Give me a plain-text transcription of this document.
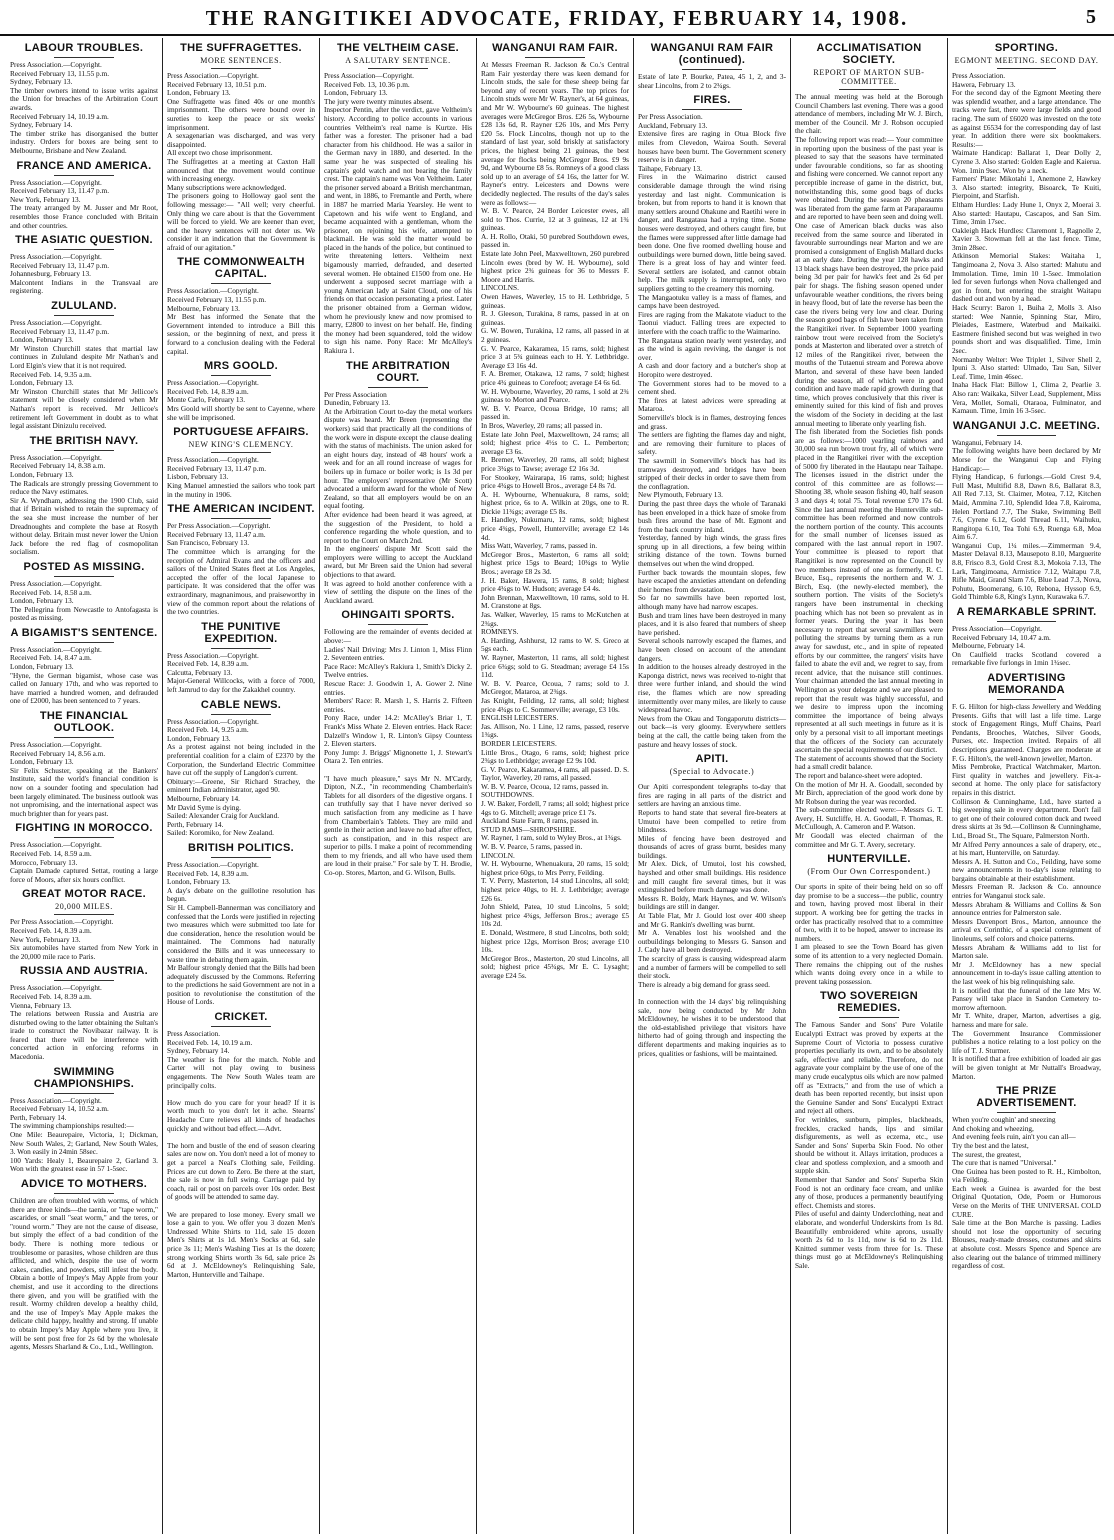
THE RANGITIKEI ADVOCATE, FRIDAY, FEBRUARY 14, 1908.	5
LABOUR TROUBLES.
Press Association.—Copyright.
Received February 13, 11.55 p.m.
Sydney, February 13.
The timber owners intend to issue writs against the Union for breaches of the Arbitration Court awards.
Received February 14, 10.19 a.m.
Sydney, February 14.
The timber strike has disorganised the butter industry. Orders for boxes are being sent to Melbourne, Brisbane and New Zealand.
FRANCE AND AMERICA.
Press Association.—Copyright.
Received February 13, 11.47 p.m.
New York, February 13.
The treaty arranged by M. Jusser and Mr Root, resembles those France concluded with Britain and other countries.
THE ASIATIC QUESTION.
Press Association.—Copyright.
Received February 13, 11.47 p.m.
Johannesburg, February 13.
Malcontent Indians in the Transvaal are registering.
ZULULAND.
Press Association.—Copyright.
Received February 13, 11.47 p.m.
London, February 13.
Mr Winston Churchill states that martial law continues in Zululand despite Mr Nathan's and Lord Elgin's view that it is not required.
Received Feb. 14, 9.35 a.m.
London, February 13.
Mr Winston Churchill states that Mr Jellicoe's statement will be closely considered when Mr Nathan's report is received. Mr Jellicoe's retirement left Government in doubt as to what legal assistant Dinizulu received.
THE BRITISH NAVY.
Press Association.—Copyright.
Received February 14, 8.38 a.m.
London, February 13.
The Radicals are strongly pressing Government to reduce the Navy estimates.
Sir A. Wyndham, addressing the 1900 Club, said that if Britain wished to retain the supremacy of the sea she must increase the number of her Dreadnoughts and complete the base at Rosyth without delay. Britain must never lower the Union Jack before the red flag of cosmopolitan socialism.
POSTED AS MISSING.
Press Association.—Copyright.
Received Feb. 14, 8.58 a.m.
London, February 13.
The Pellegrina from Newcastle to Antofagasta is posted as missing.
A BIGAMIST'S SENTENCE.
Press Association.—Copyright.
Received Feb. 14, 8.47 a.m.
London, February 13.
"Hyne, the German bigamist, whose case was called on January 17th, and who was reported to have married a hundred women, and defrauded one of £2000, has been sentenced to 7 years.
THE FINANCIAL OUTLOOK.
Press Association.—Copyright.
Received February 14, 8.56 a.m.
London, February 13.
Sir Felix Schuster, speaking at the Bankers' Institute, said the world's financial condition is now on a sounder footing and speculation had been largely eliminated. The business outlook was not unpromising, and the international aspect was much brighter than for years past.
FIGHTING IN MOROCCO.
Press Association.—Copyright.
Received Feb. 14, 8.59 a.m.
Morocco, February 13.
Captain Damade captured Settat, routing a large force of Moors, after six hours conflict.
GREAT MOTOR RACE.
20,000 MILES.
Per Press Association.—Copyright.
Received Feb. 14, 8.39 a.m.
New York, February 13.
Six automobiles have started from New York in the 20,000 mile race to Paris.
RUSSIA AND AUSTRIA.
Press Association.—Copyright.
Received Feb. 14, 8.39 a.m.
Vienna, February 13.
The relations between Russia and Austria are disturbed owing to the latter obtaining the Sultan's irade to construct the Novibazar railway. It is feared that there will be interference with concerted action in enforcing reforms in Macedonia.
SWIMMING CHAMPIONSHIPS.
Press Association.—Copyright.
Received February 14, 10.52 a.m.
Perth, February 14.
The swimming championships resulted:—
One Mile: Beaurepaire, Victoria, 1; Dickman, New South Wales, 2; Garland, New South Wales, 3. Won easily in 24min 58sec.
100 Yards: Healy 1, Beaurepaire 2, Garland 3. Won with the greatest ease in 57 1-5sec.
ADVICE TO MOTHERS.
Children are often troubled with worms, of which there are three kinds—the taenia, or "tape worm," ascarides, or small "seat worm," and the teres, or "round worm." They are not the cause of disease, but simply the effect of a bad condition of the body. There is nothing more tedious or troublesome or parasites, whose children are thus afflicted, and which, despite the use of worm cakes, candies, and powders, still infest the body. Obtain a bottle of Impey's May Apple from your chemist, and use it according to the directions there given, and you will be gratified with the result. Wormy children develop a healthy child, and the use of Impey's May Apple makes the delicate child happy, healthy and strong. If unable to obtain Impey's May Apple where you live, it will be sent post free for 2s 6d by the wholesale agents, Messrs Sharland & Co., Ltd., Wellington.
THE SUFFRAGETTES.
MORE SENTENCES.
Press Association.—Copyright.
Received February 13, 10.51 p.m.
London, February 13.
One Suffragette was fined 40s or one month's imprisonment. The others were bound over in sureties to keep the peace or six weeks' imprisonment.
A sexagenarian was discharged, and was very disappointed.
All except two chose imprisonment.
The Suffragettes at a meeting at Caxton Hall announced that the movement would continue with increasing energy.
Many subscriptions were acknowledged.
The prisoners going to Holloway gaol sent the following message:— "All well; very cheerful. Only thing we care about is that the Government will be forced to yield. We are keener than ever, and the heavy sentences will not deter us. We consider it an indication that the Government is afraid of our agitation."
THE COMMONWEALTH CAPITAL.
Press Association.—Copyright.
Received February 13, 11.55 p.m.
Melbourne, February 13.
Mr Best has informed the Senate that the Government intended to introduce a Bill this session, or the beginning of next, and press it forward to a conclusion dealing with the Federal capital.
MRS GOOLD.
Press Association.—Copyright.
Received Feb. 14, 8.39 a.m.
Monte Carlo, February 13.
Mrs Goold will shortly be sent to Cayenne, where she will be imprisoned.
PORTUGUESE AFFAIRS.
NEW KING'S CLEMENCY.
Press Association.—Copyright.
Received February 13, 11.47 p.m.
Lisbon, February 13.
King Manuel amnestied the sailors who took part in the mutiny in 1906.
THE AMERICAN INCIDENT.
Per Press Association.—Copyright.
Received February 13, 11.47 a.m.
San Francisco, February 13.
The committee which is arranging for the reception of Admiral Evans and the officers and sailors of the United States fleet at Los Angeles, accepted the offer of the local Japanese to participate. It was considered that the offer was extraordinary, magnanimous, and praiseworthy in view of the common report about the relations of the two countries.
THE PUNITIVE EXPEDITION.
Press Association.—Copyright.
Received Feb. 14, 8.39 a.m.
Calcutta, February 13.
Major-General Willcocks, with a force of 7000, left Jamrud to day for the Zakakhel country.
CABLE NEWS.
Press Association.—Copyright.
Received Feb. 14, 9.25 a.m.
London, February 13.
As a protest against not being included in the preferential coalition for a claim of £2370 by the Corporation, the Sunderland Electric Committee have cut off the supply of Langdon's current.
Obituary:—Greene, Sir Richard Strachey, the eminent Indian administrator, aged 90.
Melbourne, February 14.
Mr David Syme is dying.
Sailed: Alexander Craig for Auckland.
Perth, February 14.
Sailed: Koromiko, for New Zealand.
BRITISH POLITICS.
Press Association.—Copyright.
Received Feb. 14, 8.39 a.m.
London, February 13.
A day's debate on the guillotine resolution has begun.
Sir H. Campbell-Bannerman was conciliatory and confessed that the Lords were justified in rejecting two measures which were submitted too late for due consideration, hence the resolution would be maintained. The Commons had naturally considered the Bills and it was unnecessary to waste time in debating them again.
Mr Balfour strongly denied that the Bills had been adequately discussed by the Commons. Referring to the predictions he said Government are not in a position to revolutionise the constitution of the House of Lords.
CRICKET.
Press Association.
Received Feb. 14, 10.19 a.m.
Sydney, February 14.
The weather is fine for the match. Noble and Carter will not play owing to business engagements. The New South Wales team are principally colts.

How much do you care for your head? If it is worth much to you don't let it ache. Stearns' Headache Cure relieves all kinds of headaches quickly and without bad effect.—Advt.

The horn and bustle of the end of season clearing sales are now on. You don't need a lot of money to get a parcel a Neal's Clothing sale, Feilding. Prices are cut down to Zero. Be there at the start, the sale is now in full swing. Carriage paid by coach, rail or post on parcels over 10s order. Best of goods will be attended to same day.

We are prepared to lose money. Every small we lose a gain to you. We offer you 3 dozen Men's Undressed White Shirts to 11d, sale 15 dozen Men's Shirts at 1s 1d. Men's Socks at 6d, sale price 3s 11; Men's Washing Ties at 1s the dozen; strong working Shirts worth 3s 6d, sale price 2s 6d at J. McEldowney's Relinquishing Sale, Marton, Hunterville and Taihape.
THE VELTHEIM CASE.
A SALUTARY SENTENCE.
Press Association—Copyright.
Received Feb. 13, 10.36 p.m.
London, February 13.
The jury were twenty minutes absent.
Inspector Pentin, after the verdict, gave Veltheim's history. According to police accounts in various countries Veltheim's real name is Kurtze. His father was a forester. The prisoner had a bad character from his childhood. He was a sailor in the German navy in 1880, and deserted. In the same year he was suspected of stealing his captain's gold watch and not bearing the family crest. The captain's name was Von Veltheim. Later the prisoner served aboard a British merchantman, and went, in 1886, to Fremantle and Perth, where in 1887 he married Maria Yearsley. He went to Capetown and his wife went to England, and became acquainted with a gentleman, whom the prisoner, on rejoining his wife, attempted to blackmail. He was sold the matter would be placed in the hands of the police, but continued to write threatening letters. Veltheim next bigamously married, defrauded, and deserted several women. He obtained £1500 from one. He underwent a supposed secret marriage with a young American lady at Saint Cloud, one of his friends on that occasion personating a priest. Later the prisoner obtained from a German widow, whom he previously knew and now promised to marry, £2800 to invest on her behalf. He, finding the money had been squandered, told the widow to sign his name. Pony Race: Mr McAlley's Rakiura 1.
THE ARBITRATION COURT.
Per Press Association
Dunedin, February 13.
At the Arbitration Court to-day the metal workers dispute was heard. Mr Breen (representing the workers) said that practically all the conditions of the work were in dispute except the clause dealing with the status of machinists. The union asked for an eight hours day, instead of 48 hours' work a week and for an all round increase of wages for boilers up in furnace or boiler work; is 1s 3d per hour. The employers' representative (Mr Scott) advocated a uniform award for the whole of New Zealand, so that all employers would be on an equal footing.
After evidence had been heard it was agreed, at the suggestion of the President, to hold a conference regarding the whole question, and to report to the Court on March 2nd.
In the engineers' dispute Mr Scott said the employers were willing to accept the Auckland award, but Mr Breen said the Union had several objections to that award.
It was agreed to hold another conference with a view of settling the dispute on the lines of the Auckland award.
OHINGAITI SPORTS.
Following are the remainder of events decided at above:—
Ladies' Nail Driving: Mrs J. Linton 1, Miss Flinn 2. Seventeen entries.
Pace Race: McAlley's Rakiura 1, Smith's Dicky 2. Twelve entries.
Rescue Race: J. Goodwin 1, A. Gower 2. Nine entries.
Members' Race: R. Marsh 1, S. Harris 2. Fifteen entries.
Pony Race, under 14.2: McAlley's Briar 1, T. Frank's Miss Whate 2. Eleven entries. Hack Race: Dalzell's Window 1, R. Linton's Gipsy Countess 2. Eleven starters.
Pony Jump: J. Briggs' Mignonette 1, J. Stewart's Otara 2. Ten entries.

"I have much pleasure," says Mr N. M'Cardy, Dipton, N.Z., "in recommending Chamberlain's Tablets for all disorders of the digestive organs. I can truthfully say that I have never derived so much satisfaction from any medicine as I have from Chamberlain's Tablets. They are mild and gentle in their action and leave no bad after effect, such as constipation, and in this respect are superior to pills. I make a point of recommending them to my friends, and all who have used them are loud in their praise." For sale by T. H. Brodie, Co-op. Stores, Marton, and G. Wilson, Bulls.
WANGANUI RAM FAIR.
At Messrs Freeman R. Jackson & Co.'s Central Ram Fair yesterday there was keen demand for Lincoln studs, the sale for these sheep being far beyond any of recent years. The top prices for Lincoln studs were Mr W. Rayner's, at 64 guineas, and Mr W. Wybourne's 60 guineas. The highest averages were McGregor Bros. £26 5s, Wybourne £28 13s 6d, R. Rayner £26 10s, and Mrs Perry £20 5s. Flock Lincolns, though not up to the standard of last year, sold briskly at satisfactory prices, the highest being 21 guineas, the best average for flocks being McGregor Bros. £9 9s 9d, and Wybourne £8 5s. Romneys of a good class sold up to an average of £4 16s, the latter for W. Rayner's entry. Leicesters and Downs were decidedly neglected. The results of the day's sales were as follows:—
W. B. V. Pearce, 24 Border Leicester ewes, all sold to Thos. Currie, 12 at 3 guineas, 12 at 1¾ guineas.
A. H. Rollo, Otaki, 50 purebred Southdown ewes, passed in.
Estate late John Peel, Maxwelltown, 260 purebred Lincoln ewes (bred by W. H. Wybourne), sold highest price 2¾ guineas for 36 to Messrs F. Moore and Harris.
LINCOLNS.
Owen Hawes, Waverley, 15 to H. Lethbridge, 5 guineas.
R. J. Gleeson, Turakina, 8 rams, passed in at on guineas.
G. W. Bowen, Turakina, 12 rams, all passed in at 2 guineas.
G. V. Pearce, Kakaramea, 15 rams, sold; highest price 3 at 5¾ guineas each to H. Y. Lethbridge. Average £3 16s 4d.
F. A. Bremer, Otakawa, 12 rams, 7 sold; highest price 4¾ guineas to Corefoot; average £4 6s 6d.
W. H. Wybourne, Waverley, 20 rams, 1 sold at 2¾ guineas to Morton and Pearce.
W. B. V. Pearce, Ocoua Bridge, 10 rams; all passed in.
In Bros, Waverley, 20 rams; all passed in.
Estate late John Peel, Maxwelltown, 24 rams; all sold; highest price 4½s to C. L. Pemberton; average £3 6s.
R. Bremer, Waverley, 20 rams, all sold; highest price 3¾gs to Tawse; average £2 16s 3d.
For Stookey, Wairarapa, 16 rams, sold; highest price 4¾gs to Howell Bros., average £4 8s 7d.
A. H. Wybourne, Whenuakura, 8 rams, sold; highest price, 6s to A. Wilkin at 20gs, one to R. Dickie 11¾gs; average £5 8s.
E. Handley, Nukumaru, 12 rams, sold; highest price 4¾gs, Powell, Hunterville; average £2 14s 4d.
Miss Watt, Waverley, 7 rams, passed in.
McGregor Bros., Masterton, 6 rams all sold; highest price 15gs to Beard; 10¾gs to Wylie Bros.; average £8 2s 3d.
J. H. Baker, Hawera, 15 rams, 8 sold; highest price 4¾gs to W. Hudson; average £4 4s.
John Brennan, Maxwelltown, 10 rams, sold to H. M. Cranstone at 8gs.
Jas. Walker, Waverley, 15 rams to McKutchen at 2¾gs.
ROMNEYS.
A. Harding, Ashhurst, 12 rams to W. S. Greco at 5gs each.
W. Rayner, Masterton, 11 rams, all sold; highest price 6¾gs; sold to G. Steadman; average £4 15s 11d.
W. B. V. Pearce, Ocoua, 7 rams; sold to J. McGregor, Mataroa, at 2¾gs.
Jas Knight, Feilding, 12 rams, all sold; highest price 4¾gs to C. Sommerville; average, £3 10s.
ENGLISH LEICESTERS.
Jas. Allison, No. 1 Line, 12 rams, passed, reserve 1¾gs.
BORDER LEICESTERS.
Little Bros., Otago, 6 rams, sold; highest price 2¾gs to Lethbridge; average £2 9s 10d.
G. V. Pearce, Kakaramea, 4 rams, all passed. D. S. Taylor, Waverley, 20 rams, all passed.
W. B. V. Pearce, Ocoua, 12 rams, passed in.
SOUTHDOWNS.
J. W. Baker, Fordell, 7 rams; all sold; highest price 4gs to G. Mitchell; average price £1 7s.
Auckland State Farm, 8 rams, passed in.
STUD RAMS—SHROPSHIRE.
W. Rayner, 1 ram, sold to Wyley Bros., at 1¾gs.
W. B. V. Pearce, 5 rams, passed in.
LINCOLN.
W. H. Wybourne, Whenuakura, 20 rams, 15 sold; highest price 60gs, to Mrs Perry, Feilding.
T. V. Perry, Masterton, 14 stud Lincolns, all sold; highest price 40gs, to H. J. Lethbridge; average £26 6s.
John Shield, Patea, 10 stud Lincolns, 5 sold; highest price 4¾gs, Jefferson Bros.; average £5 10s 2d.
E. Donald, Westmere, 8 stud Lincolns, both sold; highest price 12gs, Morrison Bros; average £10 10s.
McGregor Bros., Masterton, 20 stud Lincolns, all sold; highest price 45¾gs, Mr E. C. Lysaght; average £24 5s.
WANGANUI RAM FAIR (continued).
Estate of late P. Bourke, Patea, 45 1, 2, and 3-shear Lincolns, from 2 to 2¾gs.
FIRES.
Per Press Association.
Auckland, February 13.
Extensive fires are raging in Otua Block five miles from Clevedon, Wairoa South. Several houses have been burnt. The Government scenery reserve is in danger.
Taihape, February 13.
Fires in the Waimarino district caused considerable damage through the wind rising yesterday and last night. Communication is broken, but from reports to hand it is known that many settlers around Ohakune and Raetihi were in danger, and Rangataua had a trying time. Some houses were destroyed, and others caught fire, but the flames were suppressed after little damage had been done. One five roomed dwelling house and outbuildings were burned down, little being saved.
There is a great loss of hay and winter feed. Several settlers are isolated, and cannot obtain help. The milk supply is interrupted, only two suppliers getting to the creamery this morning.
The Mangaotuku valley is a mass of flames, and camps have been destroyed.
Fires are raging from the Makatote viaduct to the Taonui viaduct. Falling trees are expected to interfere with the coach traffic to the Waimarino.
The Rangataua station nearly went yesterday, and as the wind is again reviving, the danger is not over.
A cash and door factory and a butcher's shop at Horopito were destroyed.
The Government stores had to be moved to a cement shed.
The fires at latest advices were spreading at Mataroa.
Somerville's block is in flames, destroying fences and grass.
The settlers are fighting the flames day and night, and are removing their furniture to places of safety.
The sawmill in Somerville's block has had its tramways destroyed, and bridges have been stripped of their decks in order to save them from the conflagration.
New Plymouth, February 13.
During the past three days the whole of Taranaki has been enveloped in a thick haze of smoke from bush fires around the base of Mt. Egmont and from the back country inland.
Yesterday, fanned by high winds, the grass fires sprung up in all directions, a few being within striking distance of the town. Towns burned themselves out when the wind dropped.
Further back towards the mountain slopes, few have escaped the anxieties attendant on defending their homes from devastation.
So far no sawmills have been reported lost, although many have had narrow escapes.
Bush and tram lines have been destroyed in many places, and it is also feared that numbers of sheep have perished.
Several schools narrowly escaped the flames, and have been closed on account of the attendant dangers.
In addition to the houses already destroyed in the Kaponga district, news was received to-night that three were further inland, and should the wind rise, the flames which are now spreading intermittently over many miles, are likely to cause widespread havoc.
News from the Okau and Tongaporutu districts—out back—is very gloomy. Everywhere settlers being at the call, the cattle being taken from the pasture and heavy losses of stock.
APITI.
(Special to Advocate.)
Our Apiti correspondent telegraphs to-day that fires are raging in all parts of the district and settlers are having an anxious time.
Reports to hand state that several fire-beaters at Umutoi have been compelled to retire from blindness.
Miles of fencing have been destroyed and thousands of acres of grass burnt, besides many buildings.
Mr Alex. Dick, of Umutoi, lost his cowshed, hayshed and other small buildings. His residence and mill caught fire several times, but it was extinguished before much damage was done.
Messrs R. Boldy, Mark Haynes, and W. Wilson's buildings are still in danger.
At Table Flat, Mr J. Gould lost over 400 sheep and Mr G. Rankin's dwelling was burnt.
Mr A. Venables lost his woolshed and the outbuildings belonging to Messrs G. Sanson and J. Cady have all been destroyed.
The scarcity of grass is causing widespread alarm and a number of farmers will be compelled to sell their stock.
There is already a big demand for grass seed.

In connection with the 14 days' big relinquishing sale, now being conducted by Mr John McEldowney, he wishes it to be understood that the old-established privilege that visitors have hitherto had of going through and inspecting the different departments and making inquiries as to prices, qualities or fashions, will be maintained.
ACCLIMATISATION SOCIETY.
REPORT OF MARTON SUB-COMMITTEE.
The annual meeting was held at the Borough Council Chambers last evening. There was a good attendance of members, including Mr W. J. Birch, member of the Council. Mr J. Robson occupied the chair.
The following report was read:— Your committee in reporting upon the business of the past year is pleased to say that the seasons have terminated under favourable conditions, so far as shooting and fishing were concerned. We cannot report any perceptible increase of game in the district, but, notwithstanding this, some good bags of ducks were obtained. During the season 20 pheasants was liberated from the game farm at Paraparaumu and are reported to have been seen and doing well. One case of American black ducks was also received from the same source and liberated in favourable surroundings near Marton and we are promised a consignment of English Mallard ducks at an early date. During the year 128 hawks and 13 black shags have been destroyed, the price paid being 3d per pair for hawk's feet and 2s 6d per pair for shags. The fishing season opened under unfavourable weather conditions, the rivers being in heavy flood, but of late the reverse has been the case the rivers being very low and clear. During the season good bags of fish have been taken from the Rangitikei river. In September 1000 yearling rainbow trout were received from the Society's ponds at Masterton and liberated over a stretch of 12 miles of the Rangitikei river, between the mouths of the Tutaenui stream and Porewa above Marton, and several of these have been landed during the season, all of which were in good condition and have made rapid growth during that time, which proves conclusively that this river is eminently suited for this kind of fish and proves the wisdom of the Society in deciding at the last annual meeting to liberate only yearling fish.
The fish liberated from the Societies fish ponds are as follows:—1000 yearling rainbows and 30,000 sea run brown trout fry, all of which were placed in the Rangitikei river with the exception of 5000 fry liberated in the Hautapu near Taihape. The licenses issued in the district under the control of this committee are as follows:—Shooting 38, whole season fishing 40, half season 3 and days 4; total 75. Total revenue £70 17s 6d. Since the last annual meeting the Hunterville sub-committee has been reformed and now controls the northern portion of the county. This accounts for the small number of licenses issued as compared with the last annual report in 1907. Your committee is pleased to report that Rangitikei is now represented on the Council by two members instead of one as formerly, R. C. Bruce, Esq., represents the northern and W. J. Birch, Esq. (the newly-elected member), the southern portion. The visits of the Society's rangers have been instrumental in checking poaching which has not been so prevalent as in former years. During the year it has been necessary to report that several sawmillers were polluting the streams by turning them as a run away for sawdust, etc., and in spite of repeated efforts by our committee, the rangers' visits have failed to abate the evil and, we regret to say, from recent advice, that the nuisance still continues. Your chairman attended the last annual meeting in Wellington as your delegate and we are pleased to report that the result was highly successful, and we desire to impress upon the incoming committee the importance of being always represented at all such meetings in future as it is only by a personal visit to all important meetings that the officers of the Society can accurately ascertain the special requirements of our district.
The statement of accounts showed that the Society had a small credit balance.
The report and balance-sheet were adopted.
On the motion of Mr H. A. Goodall, seconded by Mr Birch, appreciation of the good work done by Mr Robson during the year was recorded.
The sub-committee elected were:—Messrs G. T. Avery, H. Sutcliffe, H. A. Goodall, F. Thomas, R. McCullough, A. Cameron and P. Watson.
Mr Goodall was elected chairman of the committee and Mr G. T. Avery, secretary.
HUNTERVILLE.
(From Our Own Correspondent.)
Our sports in spite of their being held on so off day promise to be a success—the public, country and town, having proved most liberal in their support. A working bee for getting the tracks in order has practically resolved that to a committee of two, with it to be hoped, answer to increase its numbers.
I am pleased to see the Town Board has given some of its attention to a very neglected Domain. There remains the chipping out of the rushes which wants doing every once in a while to prevent taking possession.
TWO SOVEREIGN REMEDIES.
The Famous Sander and Sons' Pure Volatile Eucalypti Extract was proved by experts at the Supreme Court of Victoria to possess curative properties peculiarly its own, and to be absolutely safe, effective and reliable. Therefore, do not aggravate your complaint by the use of one of the many crude eucalyptus oils which are now palmed off as "Extracts," and from the use of which a death has been reported recently, but insist upon the Genuine Sander and Sons' Eucalypti Extract and reject all others.
For wrinkles, sunburn, pimples, blackheads, freckles, cracked hands, lips and similar disfigurements, as well as eczema, etc., use Sander and Sons' Superba Skin Food. No other should be without it. Allays irritation, produces a clear and spotless complexion, and a smooth and supple skin.
Remember that Sander and Sons' Superba Skin Food is not an ordinary face cream, and unlike any of those, produces a permanently beautifying effect. Chemists and stores.
Piles of useful and dainty Underclothing, neat and elaborate, and wonderful Underskirts from 1s 8d. Beautifully embroidered white aprons, usually worth 2s 6d to 1s 11d, now is 6d to 2s 11d. Knitted summer vests from three for 1s. These things must go at McEldowney's Relinquishing Sale.
SPORTING.
EGMONT MEETING. SECOND DAY.
Press Association.
Hawera, February 13.
For the second day of the Egmont Meeting there was splendid weather, and a large attendance. The tracks were fast, there were large fields and good racing. The sum of £6020 was invested on the tote as against £6534 for the corresponding day of last year. In addition there were six bookmakers. Results:—
Waimate Handicap: Ballarat 1, Dear Dolly 2, Cyrene 3. Also started: Golden Eagle and Kaierua. Won. 1min 9sec. Won by a neck.
Farmers' Plate: Mikotahi 1, Anemone 2, Hawkey 3. Also started: integrity, Bisoarck, Te Kuiti, Pierpoint, and Starfish.
Eltham Hurdles: Lady Hune 1, Onyx 2, Moerai 3. Also started: Hautapu, Cascapos, and San Sim. Time, 3min 17sec.
Oakleigh Hack Hurdles: Claremont 1, Ragnolle 2, Xavier 3. Stowman fell at the last fence. Time, 3min 28sec.
Atkinson Memorial Stakes: Waitaha 1, Tangimoana 2, Nova 3. Also started: Mahutu and Immolation. Time, 1min 10 1-5sec. Immolation led for seven furlongs when Nova challenged and got in front, but entering the straight Waitapu dashed out and won by a head.
Hack Scurry: Baron 1, Buiha 2, Molls 3. Also started: Wee Nannie, Spinning Star, Miro, Pleiades, Eastmere, Waterbud and Maikaiki. Eastmere finished second but was weighed in two pounds short and was disqualified. Time, 1min 2sec.
Normanby Welter: Wee Triplet 1, Silver Shell 2, Ipuni 3. Also started: Ulmado, Tau San, Silver Leaf. Time, 1min 46sec.
Inaha Hack Flat: Billow 1, Clima 2, Pearlie 3. Also ran: Waikaka, Silver Lead, Supplement, Miss Vera, Mollet, Somali, Otaraoa, Fulminator, and Kamaun. Time, 1min 16 3-5sec.
WANGANUI J.C. MEETING.
Wanganui, February 14.
The following weights have been declared by Mr Morse for the Wanganui Cup and Flying Handicap:—
Flying Handicap, 6 furlongs.—Gold Crest 9.4, Full Mast, Multifid 8.8, Dawn 8.6, Ballarat 8.3, All Red 7.13, St. Claimer, Motea, 7.12, Kitchen Maid, Ammina 7.10, Splendid Idea 7.8, Kairoma, Helen Portland 7.7, The Stake, Swimming Bell 7.6, Cyrene 6.12, Gold Thread 6.11, Waihuku, Rangitopa 6.10, Tea Tohi 6.9, Ruenga 6.8, Moa Aim 6.7.
Wanganui Cup, 1¼ miles.—Zimmerman 9.4, Master Delaval 8.13, Mausepoto 8.10, Marguerite 8.8, Frisco 8.3, Gold Crest 8.3, Mokoia 7.13, The Lark, Tangimoana, Armistice 7.12, Waitapu 7.8, Rifle Maid, Grand Slam 7.6, Blue Lead 7.3, Nova, Pohutu, Boomerang, 6.10, Rebona, Hyssop 6.9, Gold Thimble 6.8, King's Lynn, Kurawaka 6.7.
A REMARKABLE SPRINT.
Press Association—Copyright.
Received February 14, 10.47 a.m.
Melbourne, February 14.
On Caulfield tracks Scotland covered a remarkable five furlongs in 1min 1¾sec.
ADVERTISING MEMORANDA
F. G. Hilton for high-class Jewellery and Wedding Presents. Gifts that will last a life time. Large stock of Engagement Rings, Muff Chains, Pearl Pendants, Brooches, Watches, Silver Goods, Purses, etc. Inspection invited. Repairs of all descriptions guaranteed. Charges are moderate at F. G. Hilton's, the well-known jeweller, Marton.
Miss Pembroke, Practical Watchmaker, Marton. First quality in watches and jewellery. Fix-a-second at home. The only place for satisfactory repairs in this district.
Collinson & Cunninghame, Ltd., have started a big sweeping sale in every department. Don't fail to get one of their coloured cotton duck and tweed dress skirts at 3s 9d.—Collinson & Cunninghame, Ltd., Broad St., The Square, Palmerston North.
Mr Alfred Perry announces a sale of drapery, etc., at his mart, Hunterville, on Saturday.
Messrs A. H. Sutton and Co., Feilding, have some new announcements in to-day's issue relating to bargains obtainable at their establishment.
Messrs Freeman R. Jackson & Co. announce entries for Wanganui stock sale.
Messrs Abraham & Williams and Collins & Son announce entries for Palmerston sale.
Messrs Davenport Bros., Marton, announce the arrival ex Corinthic, of a special consignment of linoleums, self colors and choice patterns.
Messrs Abraham & Williams add to list for Marton sale.
Mr J. McEldowney has a new special announcement in to-day's issue calling attention to the last week of his big relinquishing sale.
It is notified that the funeral of the late Mrs W. Pansey will take place in Sandon Cemetery to-morrow afternoon.
Mr T. White, draper, Marton, advertises a gig, harness and mare for sale.
The Government Insurance Commissioner publishes a notice relating to a lost policy on the life of T. J. Sturmer.
It is notified that a free exhibition of loaded air gas will be given tonight at Mr Nuttall's Broadway, Marton.
THE PRIZE ADVERTISEMENT.
When you're coughin' and sneezing
And choking and wheezing,
And evening feels ruin, ain't you can all—
Try the best and the latest,
The surest, the greatest,
The cure that is named "Universal."
One Guinea has been posted to R. H., Kimbolton, via Feilding.
Each week a Guinea is awarded for the best Original Quotation, Ode, Poem or Humorous Verse on the Merits of THE UNIVERSAL COLD CURE.
Sale time at the Bon Marche is passing. Ladies should not lose the opportunity of securing Blouses, ready-made dresses, costumes and skirts at absolute cost. Messrs Spence and Spence are also clearing out the balance of trimmed millinery regardless of cost.
